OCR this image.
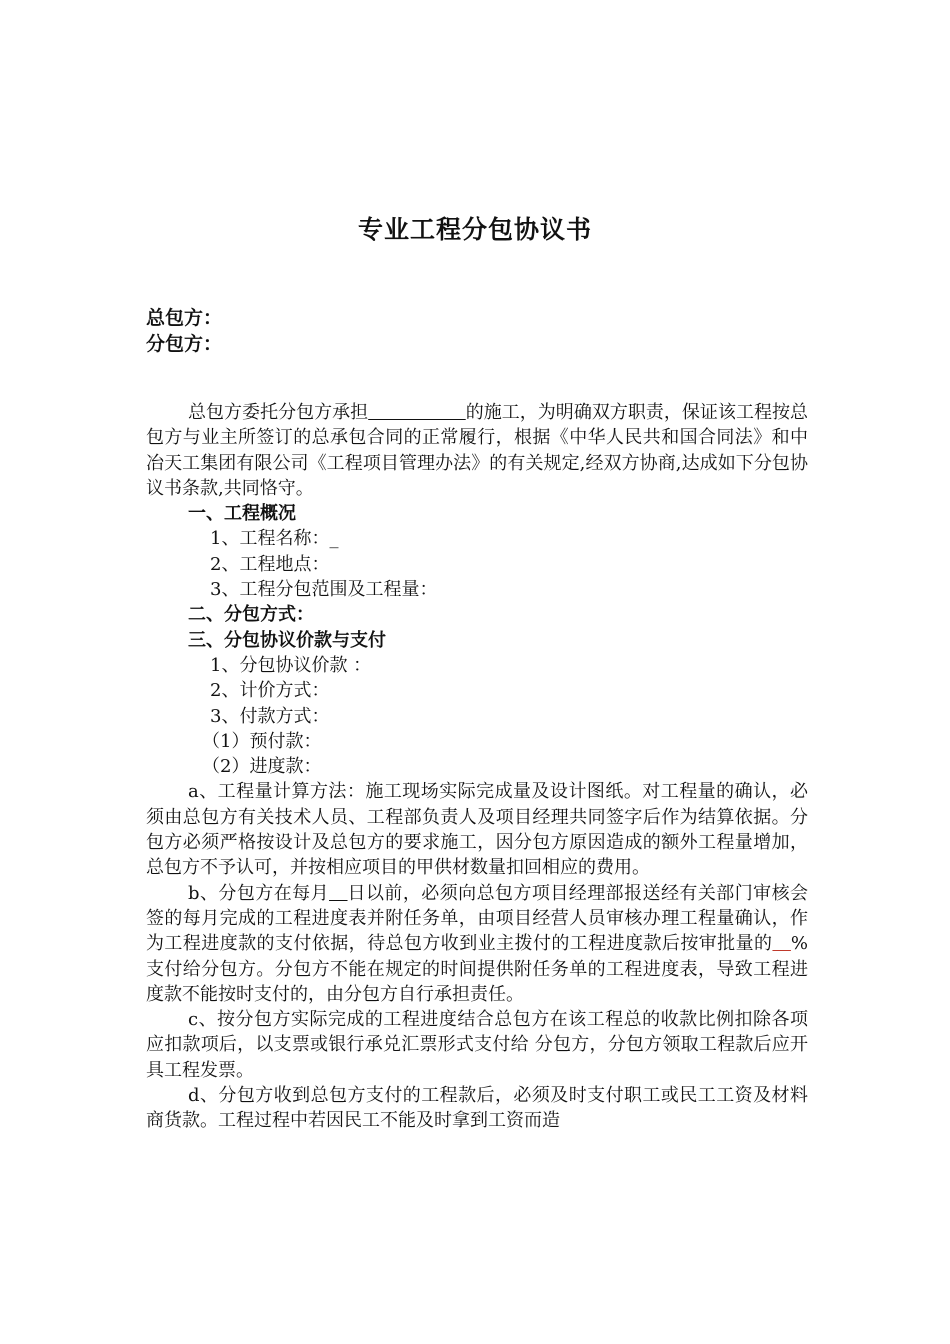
专业工程分包协议书
总包方：
分包方：

总包方委托分包方承担	的施工，为明确双方职责，保证该工程按总包方与业主所签订的总承包合同的正常履行，根据《中华人民共和国合同法》和中冶天工集团有限公司《工程项目管理办法》的有关规定,经双方协商,达成如下分包协议书条款,共同恪守。

一、工程概况

1、工程名称：_

2、工程地点：

3、工程分包范围及工程量：

二、分包方式：

三、分包协议价款与支付

1、分包协议价款 ：

2、计价方式：

3、付款方式：

（1）预付款：

（2）进度款：

a、工程量计算方法：施工现场实际完成量及设计图纸。对工程量的确认，必须由总包方有关技术人员、工程部负责人及项目经理共同签字后作为结算依据。分包方必须严格按设计及总包方的要求施工，因分包方原因造成的额外工程量增加，总包方不予认可，并按相应项目的甲供材数量扣回相应的费用。

b、分包方在每月 日以前，必须向总包方项目经理部报送经有关部门审核会签的每月完成的工程进度表并附任务单，由项目经营人员审核办理工程量确认，作为工程进度款的支付依据，待总包方收到业主拨付的工程进度款后按审批量的 %支付给分包方。分包方不能在规定的时间提供附任务单的工程进度表，导致工程进度款不能按时支付的，由分包方自行承担责任。

c、按分包方实际完成的工程进度结合总包方在该工程总的收款比例扣除各项应扣款项后，以支票或银行承兑汇票形式支付给 分包方，分包方领取工程款后应开具工程发票。

d、分包方收到总包方支付的工程款后，必须及时支付职工或民工工资及材料商货款。工程过程中若因民工不能及时拿到工资而造
